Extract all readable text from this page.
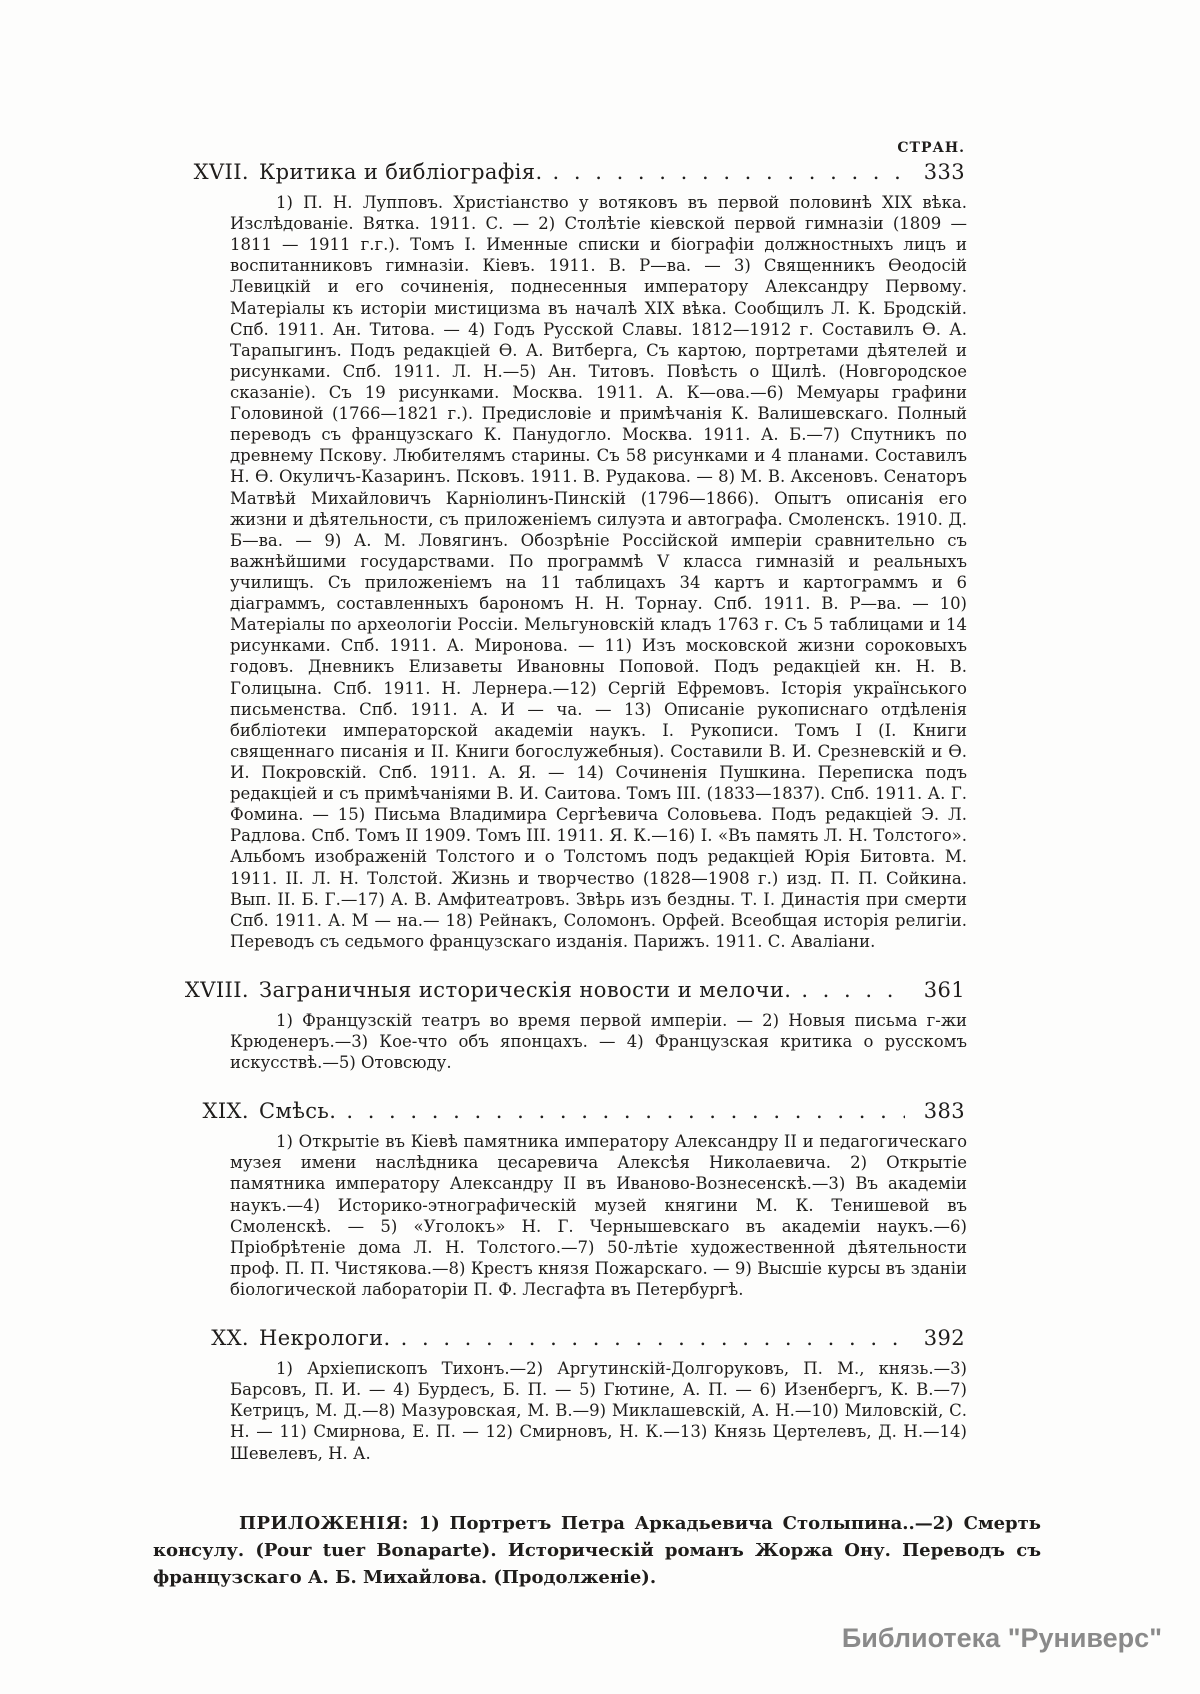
СТРАН.
XVII. Критика и библіографія. . . .	333
1) П. Н. Лупповъ. Христіанство у вотяковъ въ первой половинѣ XIX вѣка. Изслѣдованіе. Вятка. 1911. С. — 2) Столѣтіе кіевской первой гимназіи (1809 — 1811 — 1911 г.г.). Томъ I. Именные списки и біографіи должностныхъ лицъ и воспитанниковъ гимназіи. Кіевъ. 1911. В. Р—ва. — 3) Священникъ Ѳеодосій Левицкій и его сочиненія, поднесенныя императору Александру Первому. Матеріалы къ исторіи мистицизма въ началѣ XIX вѣка. Сообщилъ Л. К. Бродскій. Спб. 1911. Ан. Титова. — 4) Годъ Русской Славы. 1812—1912 г. Составилъ Ѳ. А. Тарапыгинъ. Подъ редакціей Ѳ. А. Витберга, Съ картою, портретами дѣятелей и рисунками. Спб. 1911. Л. Н.—5) Ан. Титовъ. Повѣсть о Щилѣ. (Новгородское сказаніе). Съ 19 рисунками. Москва. 1911. А. К—ова.—6) Мемуары графини Головиной (1766—1821 г.). Предисловіе и примѣчанія К. Валишевскаго. Полный переводъ съ французскаго К. Панудогло. Москва. 1911. А. Б.—7) Спутникъ по древнему Пскову. Любителямъ старины. Съ 58 рисунками и 4 планами. Составилъ Н. Ѳ. Окуличъ-Казаринъ. Псковъ. 1911. В. Рудакова. — 8) М. В. Аксеновъ. Сенаторъ Матвѣй Михайловичъ Карніолинъ-Пинскій (1796—1866). Опытъ описанія его жизни и дѣятельности, съ приложеніемъ силуэта и автографа. Смоленскъ. 1910. Д. Б—ва. — 9) А. М. Ловягинъ. Обозрѣніе Россійской имперіи сравнительно съ важнѣйшими государствами. По программѣ V класса гимназій и реальныхъ училищъ. Съ приложеніемъ на 11 таблицахъ 34 картъ и картограммъ и 6 діаграммъ, составленныхъ барономъ Н. Н. Торнау. Спб. 1911. В. Р—ва. — 10) Матеріалы по археологіи Россіи. Мельгуновскій кладъ 1763 г. Съ 5 таблицами и 14 рисунками. Спб. 1911. А. Миронова. — 11) Изъ московской жизни сороковыхъ годовъ. Дневникъ Елизаветы Ивановны Поповой. Подъ редакціей кн. Н. В. Голицына. Спб. 1911. Н. Лернера.—12) Сергій Ефремовъ. Історія українського письменства. Спб. 1911. А. И — ча. — 13) Описаніе рукописнаго отдѣленія библіотеки императорской академіи наукъ. I. Рукописи. Томъ I (I. Книги священнаго писанія и II. Книги богослужебныя). Составили В. И. Срезневскій и Ѳ. И. Покровскій. Спб. 1911. А. Я. — 14) Сочиненія Пушкина. Переписка подъ редакціей и съ примѣчаніями В. И. Саитова. Томъ III. (1833—1837). Спб. 1911. А. Г. Фомина. — 15) Письма Владимира Сергѣевича Соловьева. Подъ редакціей Э. Л. Радлова. Спб. Томъ II 1909. Томъ III. 1911. Я. К.—16) I. «Въ память Л. Н. Толстого». Альбомъ изображеній Толстого и о Толстомъ подъ редакціей Юрія Битовта. М. 1911. II. Л. Н. Толстой. Жизнь и творчество (1828—1908 г.) изд. П. П. Сойкина. Вып. II. Б. Г.—17) А. В. Амфитеатровъ. Звѣрь изъ бездны. Т. I. Династія при смерти Спб. 1911. А. М — на.— 18) Рейнакъ, Соломонъ. Орфей. Всеобщая исторія религіи. Переводъ съ седьмого французскаго изданія. Парижъ. 1911. С. Аваліани.
XVIII. Заграничныя историческія новости и мелочи. . . .	361
1) Французскій театръ во время первой имперіи. — 2) Новыя письма г-жи Крюденеръ.—3) Кое-что объ японцахъ. — 4) Французская критика о русскомъ искусствѣ.—5) Отовсюду.
XIX. Смѣсь. . . .	383
1) Открытіе въ Кіевѣ памятника императору Александру II и педагогическаго музея имени наслѣдника цесаревича Алексѣя Николаевича. 2) Открытіе памятника императору Александру II въ Иваново-Вознесенскѣ.—3) Въ академіи наукъ.—4) Историко-этнографическій музей княгини М. К. Тенишевой въ Смоленскѣ. — 5) «Уголокъ» Н. Г. Чернышевскаго въ академіи наукъ.—6) Пріобрѣтеніе дома Л. Н. Толстого.—7) 50-лѣтіе художественной дѣятельности проф. П. П. Чистякова.—8) Крестъ князя Пожарскаго. — 9) Высшіе курсы въ зданіи біологической лабораторіи П. Ф. Лесгафта въ Петербургѣ.
XX. Некрологи. . . .	392
1) Архіепископъ Тихонъ.—2) Аргутинскій-Долгоруковъ, П. М., князь.—3) Барсовъ, П. И. — 4) Бурдесъ, Б. П. — 5) Гютине, А. П. — 6) Изенбергъ, К. В.—7) Кетрицъ, М. Д.—8) Мазуровская, М. В.—9) Миклашевскій, А. Н.—10) Миловскій, С. Н. — 11) Смирнова, Е. П. — 12) Смирновъ, Н. К.—13) Князь Цертелевъ, Д. Н.—14) Шевелевъ, Н. А.

ПРИЛОЖЕНІЯ: 1) Портретъ Петра Аркадьевича Столыпина..—2) Смерть консулу. (Pour tuer Bonaparte). Историческій романъ Жоржа Ону. Переводъ съ французскаго А. Б. Михайлова. (Продолженіе).

Библиотека "Руниверс"
